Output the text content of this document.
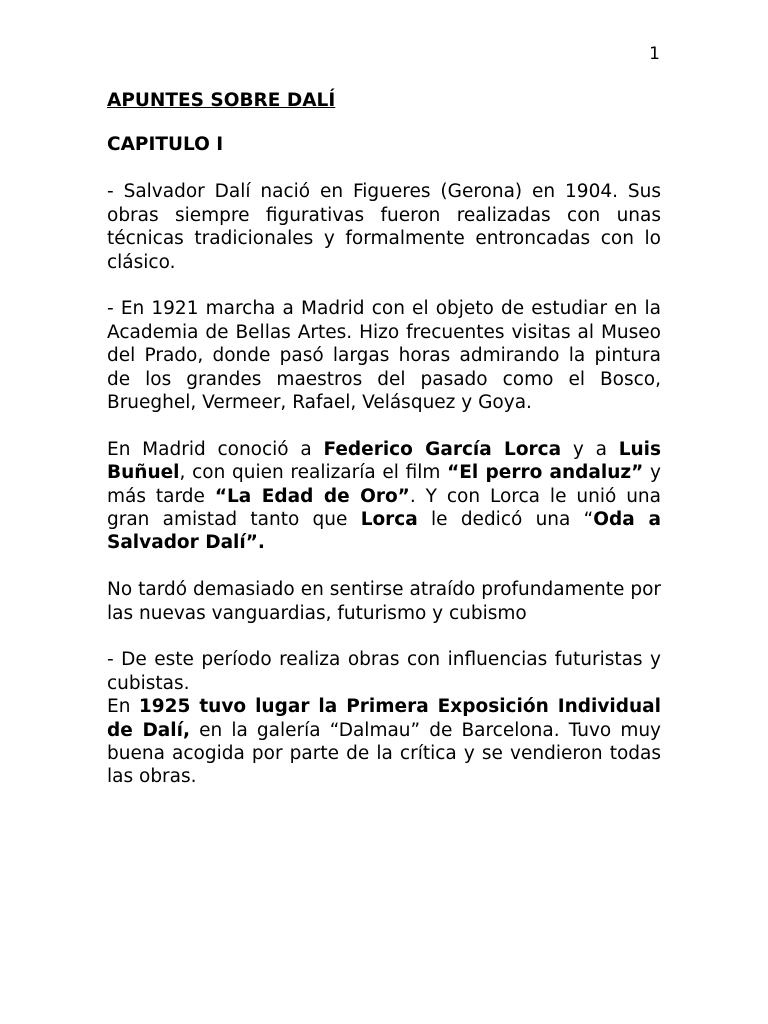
1
APUNTES SOBRE DALÍ
CAPITULO I

- Salvador Dalí nació en Figueres (Gerona) en 1904. Sus obras siempre figurativas fueron realizadas con unas técnicas tradicionales y formalmente entroncadas con lo clásico.

- En 1921 marcha a Madrid con el objeto de estudiar en la Academia de Bellas Artes. Hizo frecuentes visitas al Museo del Prado, donde pasó largas horas admirando la pintura de los grandes maestros del pasado como el Bosco, Brueghel, Vermeer, Rafael, Velásquez y Goya.

En Madrid conoció a Federico García Lorca y a Luis Buñuel, con quien realizaría el film “El perro andaluz” y más tarde “La Edad de Oro”. Y con Lorca le unió una gran amistad tanto que Lorca le dedicó una “Oda a Salvador Dalí”.

No tardó demasiado en sentirse atraído profundamente por las nuevas vanguardias, futurismo y cubismo

- De este período realiza obras con influencias futuristas y cubistas.

En 1925 tuvo lugar la Primera Exposición Individual de Dalí, en la galería “Dalmau” de Barcelona. Tuvo muy buena acogida por parte de la crítica y se vendieron todas las obras.
